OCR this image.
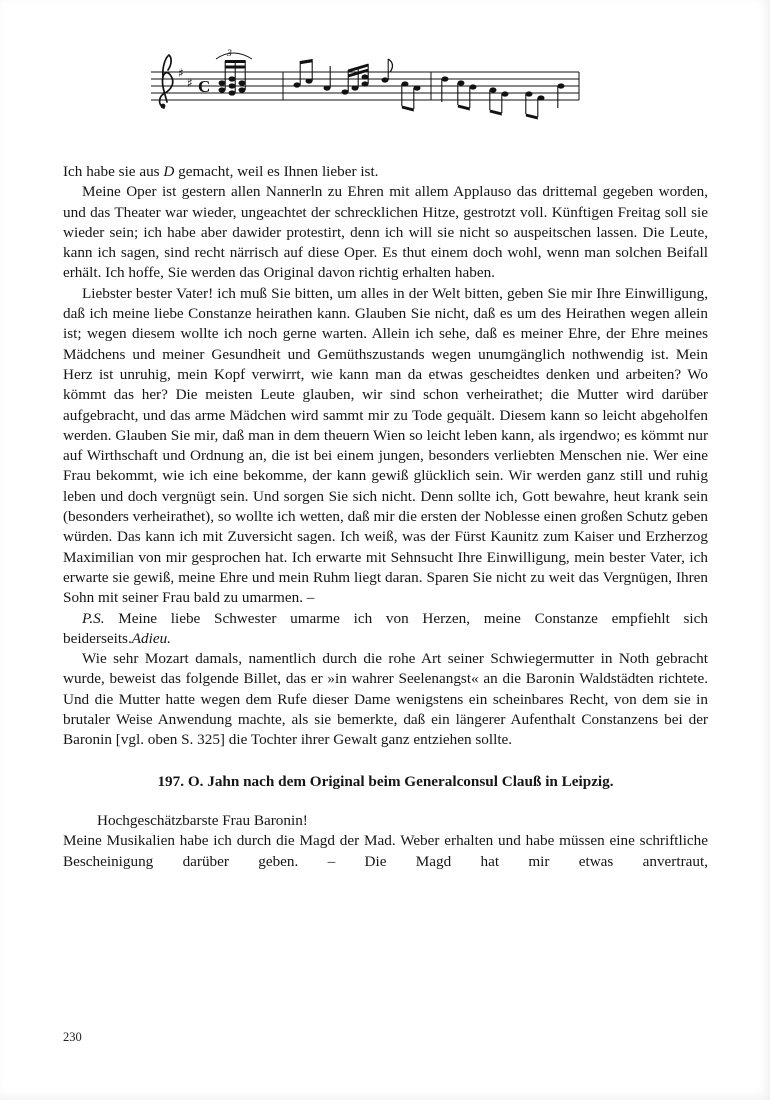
♯
♯ C
3

Ich habe sie aus D gemacht, weil es Ihnen lieber ist.

Meine Oper ist gestern allen Nannerln zu Ehren mit allem Applauso das drittemal gegeben worden, und das Theater war wieder, ungeachtet der schrecklichen Hitze, gestrotzt voll. Künftigen Freitag soll sie wieder sein; ich habe aber dawider protestirt, denn ich will sie nicht so auspeitschen lassen. Die Leute, kann ich sagen, sind recht närrisch auf diese Oper. Es thut einem doch wohl, wenn man solchen Beifall erhält. Ich hoffe, Sie werden das Original davon richtig erhalten haben.

Liebster bester Vater! ich muß Sie bitten, um alles in der Welt bitten, geben Sie mir Ihre Einwilligung, daß ich meine liebe Constanze heirathen kann. Glauben Sie nicht, daß es um des Heirathen wegen allein ist; wegen diesem wollte ich noch gerne warten. Allein ich sehe, daß es meiner Ehre, der Ehre meines Mädchens und meiner Gesundheit und Gemüthszustands wegen unumgänglich nothwendig ist. Mein Herz ist unruhig, mein Kopf verwirrt, wie kann man da etwas gescheidtes denken und arbeiten? Wo kömmt das her? Die meisten Leute glauben, wir sind schon verheirathet; die Mutter wird darüber aufgebracht, und das arme Mädchen wird sammt mir zu Tode gequält. Diesem kann so leicht abgeholfen werden. Glauben Sie mir, daß man in dem theuern Wien so leicht leben kann, als irgendwo; es kömmt nur auf Wirthschaft und Ordnung an, die ist bei einem jungen, besonders verliebten Menschen nie. Wer eine Frau bekommt, wie ich eine bekomme, der kann gewiß glücklich sein. Wir werden ganz still und ruhig leben und doch vergnügt sein. Und sorgen Sie sich nicht. Denn sollte ich, Gott bewahre, heut krank sein (besonders verheirathet), so wollte ich wetten, daß mir die ersten der Noblesse einen großen Schutz geben würden. Das kann ich mit Zuversicht sagen. Ich weiß, was der Fürst Kaunitz zum Kaiser und Erzherzog Maximilian von mir gesprochen hat. Ich erwarte mit Sehnsucht Ihre Einwilligung, mein bester Vater, ich erwarte sie gewiß, meine Ehre und mein Ruhm liegt daran. Sparen Sie nicht zu weit das Vergnügen, Ihren Sohn mit seiner Frau bald zu umarmen. –

P.S. Meine liebe Schwester umarme ich von Herzen, meine Constanze empfiehlt sich beiderseits.Adieu.

Wie sehr Mozart damals, namentlich durch die rohe Art seiner Schwiegermutter in Noth gebracht wurde, beweist das folgende Billet, das er »in wahrer Seelenangst« an die Baronin Waldstädten richtete. Und die Mutter hatte wegen dem Rufe dieser Dame wenigstens ein scheinbares Recht, von dem sie in brutaler Weise Anwendung machte, als sie bemerkte, daß ein längerer Aufenthalt Constanzens bei der Baronin [vgl. oben S. 325] die Tochter ihrer Gewalt ganz entziehen sollte.

197. O. Jahn nach dem Original beim Generalconsul Clauß in Leipzig.

Hochgeschätzbarste Frau Baronin!

Meine Musikalien habe ich durch die Magd der Mad. Weber erhalten und habe müssen eine schriftliche Bescheinigung darüber geben. – Die Magd hat mir etwas anvertraut,

230
